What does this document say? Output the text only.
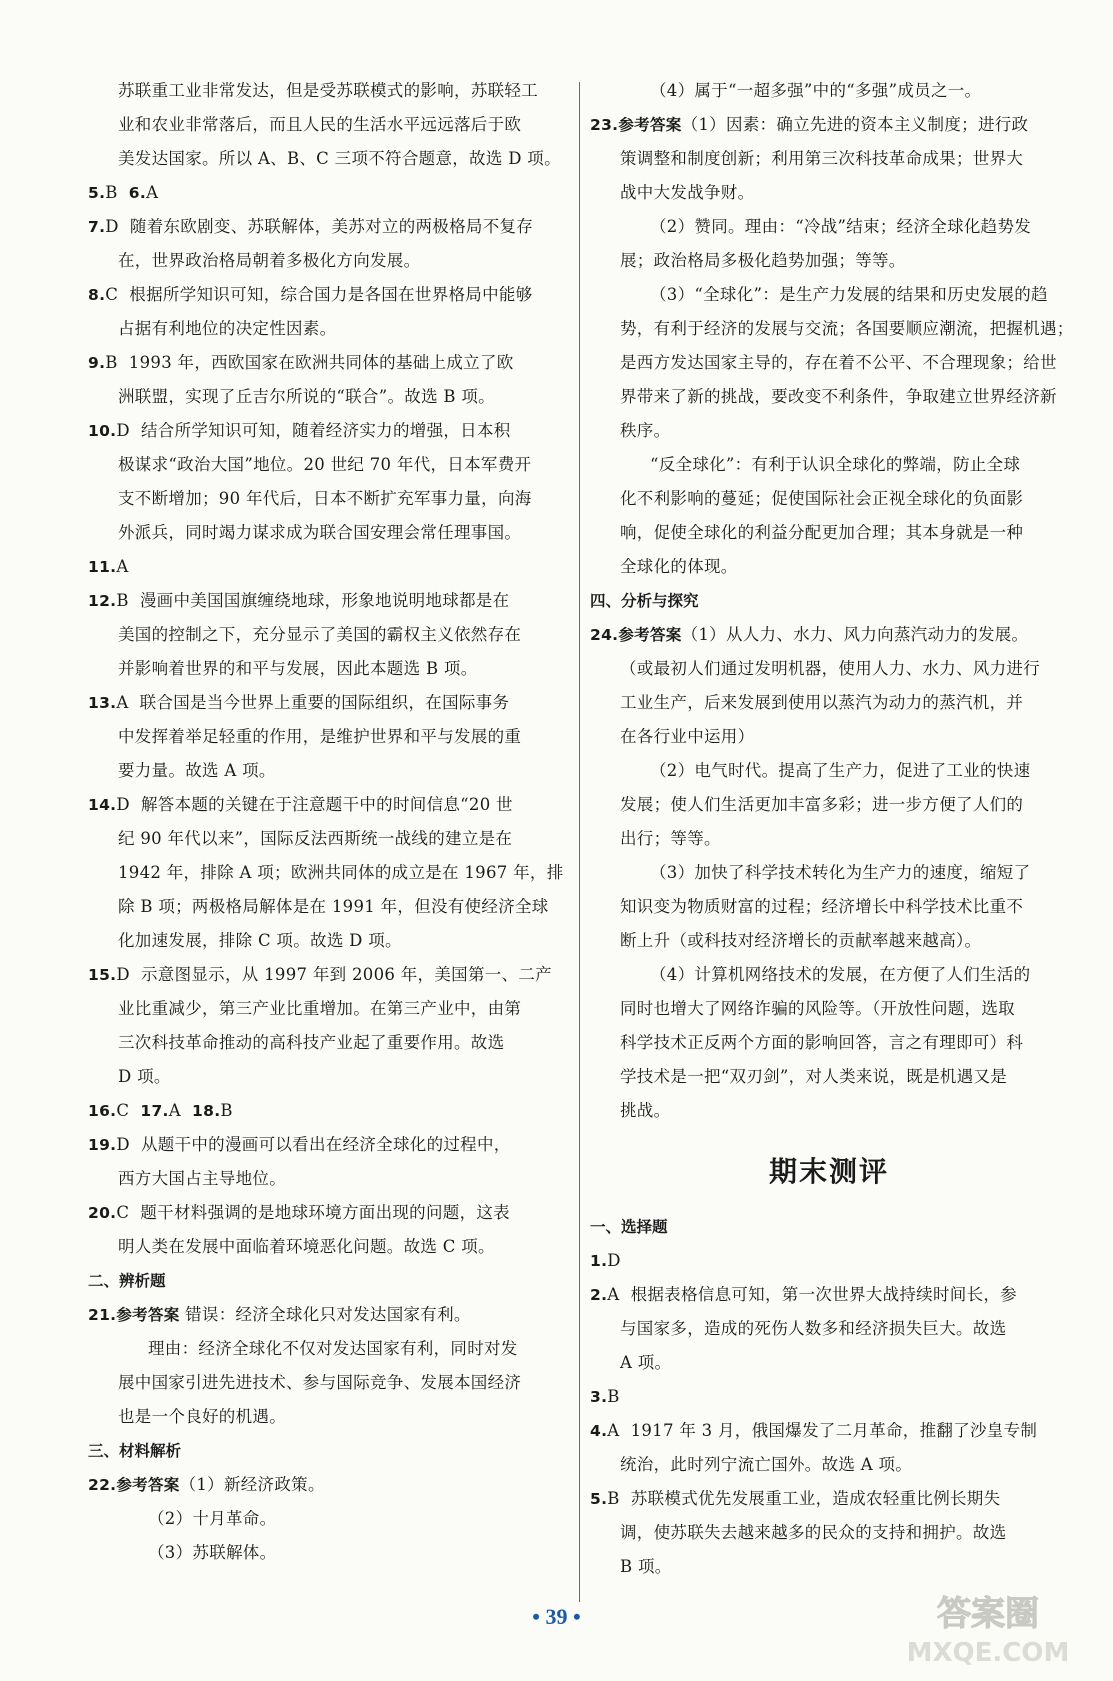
苏联重工业非常发达，但是受苏联模式的影响，苏联轻工
业和农业非常落后，而且人民的生活水平远远落后于欧
美发达国家。所以 A、B、C 三项不符合题意，故选 D 项。
5.B  6.A
7.D  随着东欧剧变、苏联解体，美苏对立的两极格局不复存
在，世界政治格局朝着多极化方向发展。
8.C  根据所学知识可知，综合国力是各国在世界格局中能够
占据有利地位的决定性因素。
9.B  1993 年，西欧国家在欧洲共同体的基础上成立了欧
洲联盟，实现了丘吉尔所说的“联合”。故选 B 项。
10.D  结合所学知识可知，随着经济实力的增强，日本积
极谋求“政治大国”地位。20 世纪 70 年代，日本军费开
支不断增加；90 年代后，日本不断扩充军事力量，向海
外派兵，同时竭力谋求成为联合国安理会常任理事国。
11.A
12.B  漫画中美国国旗缠绕地球，形象地说明地球都是在
美国的控制之下，充分显示了美国的霸权主义依然存在
并影响着世界的和平与发展，因此本题选 B 项。
13.A  联合国是当今世界上重要的国际组织，在国际事务
中发挥着举足轻重的作用，是维护世界和平与发展的重
要力量。故选 A 项。
14.D  解答本题的关键在于注意题干中的时间信息“20 世
纪 90 年代以来”，国际反法西斯统一战线的建立是在
1942 年，排除 A 项；欧洲共同体的成立是在 1967 年，排
除 B 项；两极格局解体是在 1991 年，但没有使经济全球
化加速发展，排除 C 项。故选 D 项。
15.D  示意图显示，从 1997 年到 2006 年，美国第一、二产
业比重减少，第三产业比重增加。在第三产业中，由第
三次科技革命推动的高科技产业起了重要作用。故选
D 项。
16.C  17.A  18.B
19.D  从题干中的漫画可以看出在经济全球化的过程中，
西方大国占主导地位。
20.C  题干材料强调的是地球环境方面出现的问题，这表
明人类在发展中面临着环境恶化问题。故选 C 项。
二、辨析题
21.参考答案 错误：经济全球化只对发达国家有利。
理由：经济全球化不仅对发达国家有利，同时对发
展中国家引进先进技术、参与国际竞争、发展本国经济
也是一个良好的机遇。
三、材料解析
22.参考答案（1）新经济政策。
（2）十月革命。
（3）苏联解体。
（4）属于“一超多强”中的“多强”成员之一。
23.参考答案（1）因素：确立先进的资本主义制度；进行政
策调整和制度创新；利用第三次科技革命成果；世界大
战中大发战争财。
（2）赞同。理由：“冷战”结束；经济全球化趋势发
展；政治格局多极化趋势加强；等等。
（3）“全球化”：是生产力发展的结果和历史发展的趋
势，有利于经济的发展与交流；各国要顺应潮流，把握机遇；
是西方发达国家主导的，存在着不公平、不合理现象；给世
界带来了新的挑战，要改变不利条件，争取建立世界经济新
秩序。
“反全球化”：有利于认识全球化的弊端，防止全球
化不利影响的蔓延；促使国际社会正视全球化的负面影
响，促使全球化的利益分配更加合理；其本身就是一种
全球化的体现。
四、分析与探究
24.参考答案（1）从人力、水力、风力向蒸汽动力的发展。
（或最初人们通过发明机器，使用人力、水力、风力进行
工业生产，后来发展到使用以蒸汽为动力的蒸汽机，并
在各行业中运用）
（2）电气时代。提高了生产力，促进了工业的快速
发展；使人们生活更加丰富多彩；进一步方便了人们的
出行；等等。
（3）加快了科学技术转化为生产力的速度，缩短了
知识变为物质财富的过程；经济增长中科学技术比重不
断上升（或科技对经济增长的贡献率越来越高）。
（4）计算机网络技术的发展，在方便了人们生活的
同时也增大了网络诈骗的风险等。（开放性问题，选取
科学技术正反两个方面的影响回答，言之有理即可）科
学技术是一把“双刃剑”，对人类来说，既是机遇又是
挑战。
期末测评
一、选择题
1.D
2.A  根据表格信息可知，第一次世界大战持续时间长，参
与国家多，造成的死伤人数多和经济损失巨大。故选
A 项。
3.B
4.A  1917 年 3 月，俄国爆发了二月革命，推翻了沙皇专制
统治，此时列宁流亡国外。故选 A 项。
5.B  苏联模式优先发展重工业，造成农轻重比例长期失
调，使苏联失去越来越多的民众的支持和拥护。故选
B 项。
• 39 •	答案圈
MXQE.COM
